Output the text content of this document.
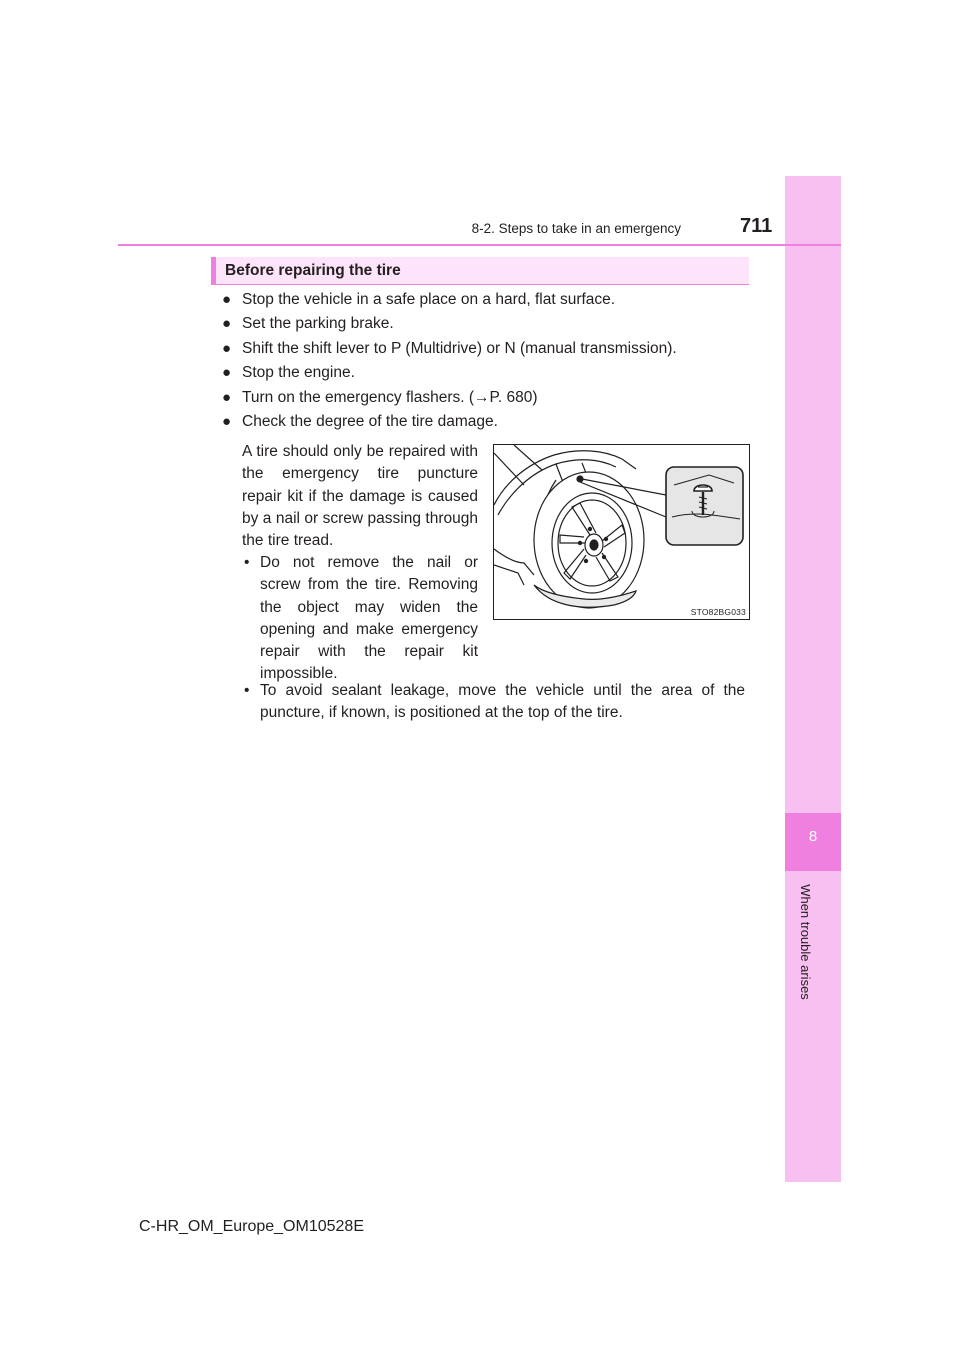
8
When trouble arises
8-2. Steps to take in an emergency	711
Before repairing the tire
● Stop the vehicle in a safe place on a hard, flat surface.
● Set the parking brake.
● Shift the shift lever to P (Multidrive) or N (manual transmission).
● Stop the engine.
● Turn on the emergency flashers. (→P. 680)
● Check the degree of the tire damage.
A tire should only be repaired with the emergency tire puncture repair kit if the damage is caused by a nail or screw passing through the tire tread.
• Do not remove the nail or screw from the tire. Removing the object may widen the opening and make emergency repair with the repair kit impossible.
• To avoid sealant leakage, move the vehicle until the area of the puncture, if known, is positioned at the top of the tire.
STO82BG033
C-HR_OM_Europe_OM10528E
